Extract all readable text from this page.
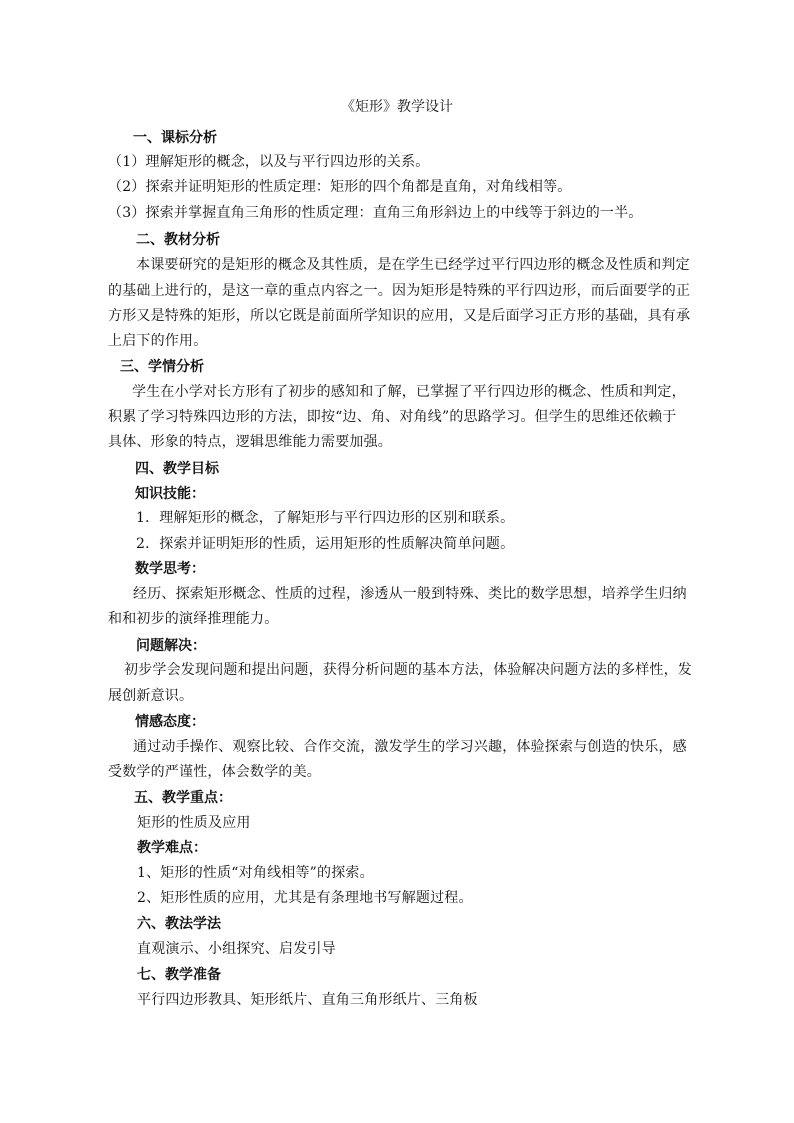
《矩形》教学设计
一、课标分析
（1）理解矩形的概念，以及与平行四边形的关系。
（2）探索并证明矩形的性质定理：矩形的四个角都是直角，对角线相等。
（3）探索并掌握直角三角形的性质定理：直角三角形斜边上的中线等于斜边的一半。
二、教材分析
本课要研究的是矩形的概念及其性质，是在学生已经学过平行四边形的概念及性质和判定
的基础上进行的，是这一章的重点内容之一。因为矩形是特殊的平行四边形，而后面要学的正
方形又是特殊的矩形，所以它既是前面所学知识的应用，又是后面学习正方形的基础，具有承
上启下的作用。
三、学情分析
学生在小学对长方形有了初步的感知和了解，已掌握了平行四边形的概念、性质和判定，
积累了学习特殊四边形的方法，即按“边、角、对角线”的思路学习。但学生的思维还依赖于
具体、形象的特点，逻辑思维能力需要加强。
四、教学目标
知识技能：
1．理解矩形的概念，了解矩形与平行四边形的区别和联系。
2．探索并证明矩形的性质，运用矩形的性质解决简单问题。
数学思考：
经历、探索矩形概念、性质的过程，渗透从一般到特殊、类比的数学思想，培养学生归纳
和和初步的演绎推理能力。
问题解决：
初步学会发现问题和提出问题，获得分析问题的基本方法，体验解决问题方法的多样性，发
展创新意识。
情感态度：
通过动手操作、观察比较、合作交流，激发学生的学习兴趣，体验探索与创造的快乐，感
受数学的严谨性，体会数学的美。
五、教学重点：
矩形的性质及应用
教学难点：
1、矩形的性质“对角线相等”的探索。
2、矩形性质的应用，尤其是有条理地书写解题过程。
六、教法学法
直观演示、小组探究、启发引导
七、教学准备
平行四边形教具、矩形纸片、直角三角形纸片、三角板
